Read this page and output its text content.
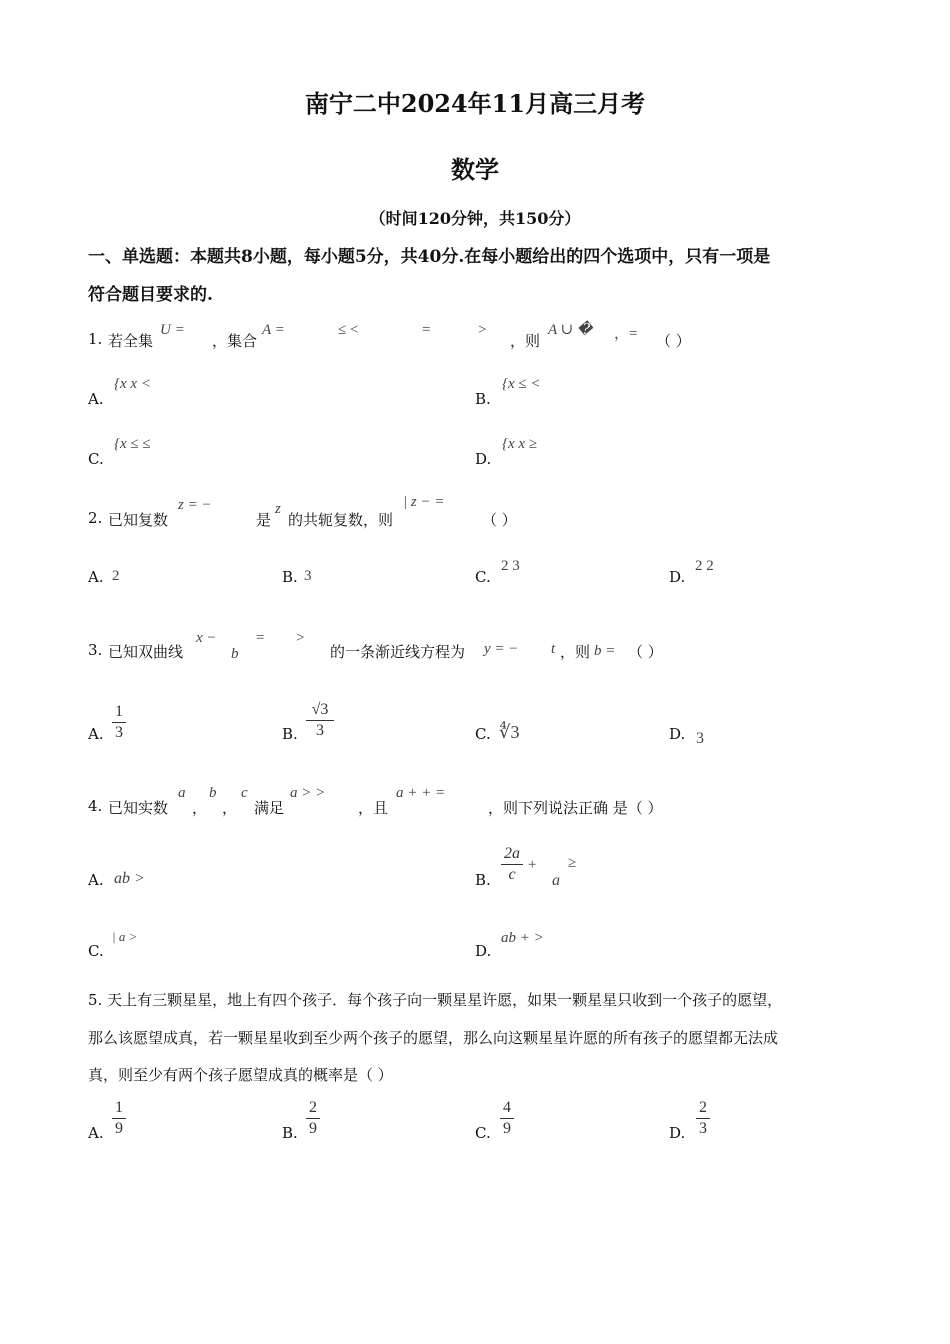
南宁二中2024年11月高三月考
数学
（时间120分钟，共150分）
一、单选题：本题共8小题，每小题5分，共40分.在每小题给出的四个选项中，只有一项是
符合题目要求的.
1. 若全集
U =
，集合
A =	≤ <	=	>
，则
A ∪ � ，= （ ）
A.
{x x <
B.
{x ≤ <
C.
{x ≤ ≤
D.
{x x ≥
2. 已知复数
z = −
是
z
的共轭复数，则
| z − =
（ ）
A. 2	B. 3	C.
2 3
D.
2 2
3. 已知双曲线
x −
b
= >
的一条渐近线方程为 y = − t ，则 b = （ ）
A.
1
3	B.
√3
3	C. ∜3	D. 3
4. 已知实数
a
，
b
，
c
满足
a > >
，且
a + + =
，则下列说法正确 是（ ）
A. ab >	B.
2a
c
+
a
≥
C.
| a >
D.
ab + >
5. 天上有三颗星星，地上有四个孩子．每个孩子向一颗星星许愿，如果一颗星星只收到一个孩子的愿望，
那么该愿望成真，若一颗星星收到至少两个孩子的愿望，那么向这颗星星许愿的所有孩子的愿望都无法成
真，则至少有两个孩子愿望成真的概率是（ ）
A.
1
9	B.
2
9	C.
4
9	D.
2
3
